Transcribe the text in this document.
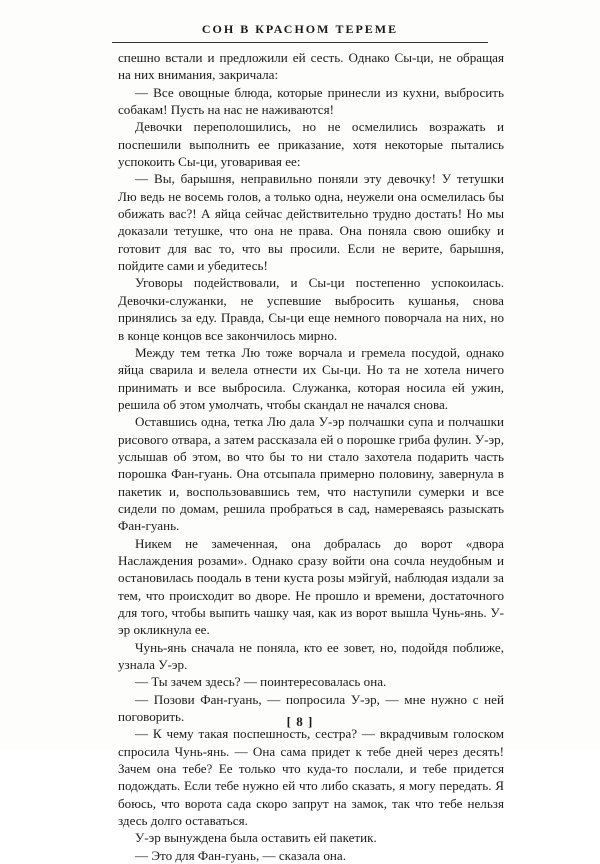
СОН В КРАСНОМ ТЕРЕМЕ

спешно встали и предложили ей сесть. Однако Сы-ци, не обращая на них внимания, закричала:

— Все овощные блюда, которые принесли из кухни, выбросить собакам! Пусть на нас не наживаются!

Девочки переполошились, но не осмелились возражать и поспешили выполнить ее приказание, хотя некоторые пытались успокоить Сы-ци, уговаривая ее:

— Вы, барышня, неправильно поняли эту девочку! У тетушки Лю ведь не восемь голов, а только одна, неужели она осмелилась бы обижать вас?! А яйца сейчас действительно трудно достать! Но мы доказали тетушке, что она не права. Она поняла свою ошибку и готовит для вас то, что вы просили. Если не верите, барышня, пойдите сами и убедитесь!

Уговоры подействовали, и Сы-ци постепенно успокоилась. Девочки-служанки, не успевшие выбросить кушанья, снова принялись за еду. Правда, Сы-ци еще немного поворчала на них, но в конце концов все закончилось мирно.

Между тем тетка Лю тоже ворчала и гремела посудой, однако яйца сварила и велела отнести их Сы-ци. Но та не хотела ничего принимать и все выбросила. Служанка, которая носила ей ужин, решила об этом умолчать, чтобы скандал не начался снова.

Оставшись одна, тетка Лю дала У-эр полчашки супа и полчашки рисового отвара, а затем рассказала ей о порошке гриба фулин. У-эр, услышав об этом, во что бы то ни стало захотела подарить часть порошка Фан-гуань. Она отсыпала примерно половину, завернула в пакетик и, воспользовавшись тем, что наступили сумерки и все сидели по домам, решила пробраться в сад, намереваясь разыскать Фан-гуань.

Никем не замеченная, она добралась до ворот «двора Наслаждения розами». Однако сразу войти она сочла неудобным и остановилась поодаль в тени куста розы мэйгуй, наблюдая издали за тем, что происходит во дворе. Не прошло и времени, достаточного для того, чтобы выпить чашку чая, как из ворот вышла Чунь-янь. У-эр окликнула ее.

Чунь-янь сначала не поняла, кто ее зовет, но, подойдя поближе, узнала У-эр.

— Ты зачем здесь? — поинтересовалась она.

— Позови Фан-гуань, — попросила У-эр, — мне нужно с ней поговорить.

— К чему такая поспешность, сестра? — вкрадчивым голоском спросила Чунь-янь. — Она сама придет к тебе дней через десять! Зачем она тебе? Ее только что куда-то послали, и тебе придется подождать. Если тебе нужно ей что либо сказать, я могу передать. Я боюсь, что ворота сада скоро запрут на замок, так что тебе нельзя здесь долго оставаться.

У-эр вынуждена была оставить ей пакетик.

— Это для Фан-гуань, — сказала она.

[ 8 ]
